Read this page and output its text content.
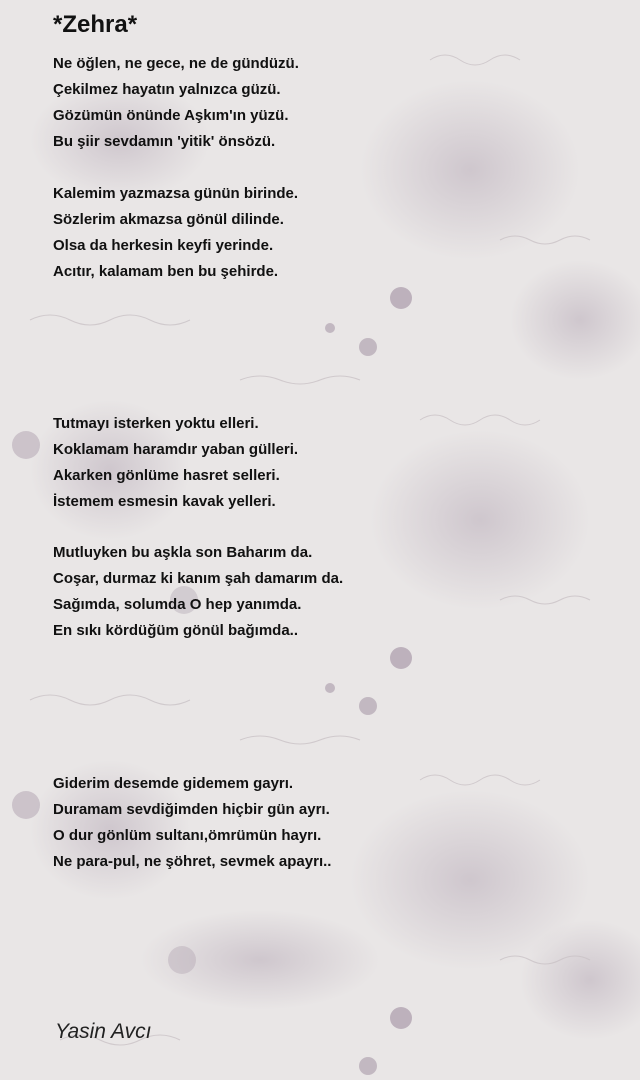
*Zehra*
Ne öğlen, ne gece, ne de gündüzü.
Çekilmez hayatın yalnızca güzü.
Gözümün önünde Aşkım'ın yüzü.
Bu şiir sevdamın 'yitik' önsözü.
Kalemim yazmazsa günün birinde.
Sözlerim akmazsa gönül dilinde.
Olsa da herkesin keyfi yerinde.
Acıtır, kalamam ben bu şehirde.
Tutmayı isterken yoktu elleri.
Koklamam haramdır yaban gülleri.
Akarken gönlüme hasret selleri.
İstemem esmesin kavak yelleri.
Mutluyken bu aşkla son Baharım da.
Coşar, durmaz ki kanım şah damarım da.
Sağımda, solumda O hep yanımda.
En sıkı kördüğüm gönül bağımda..
Giderim desemde gidemem gayrı.
Duramam sevdiğimden hiçbir gün ayrı.
O dur gönlüm sultanı,ömrümün hayrı.
Ne para-pul, ne şöhret, sevmek apayrı..
Yasin Avcı
